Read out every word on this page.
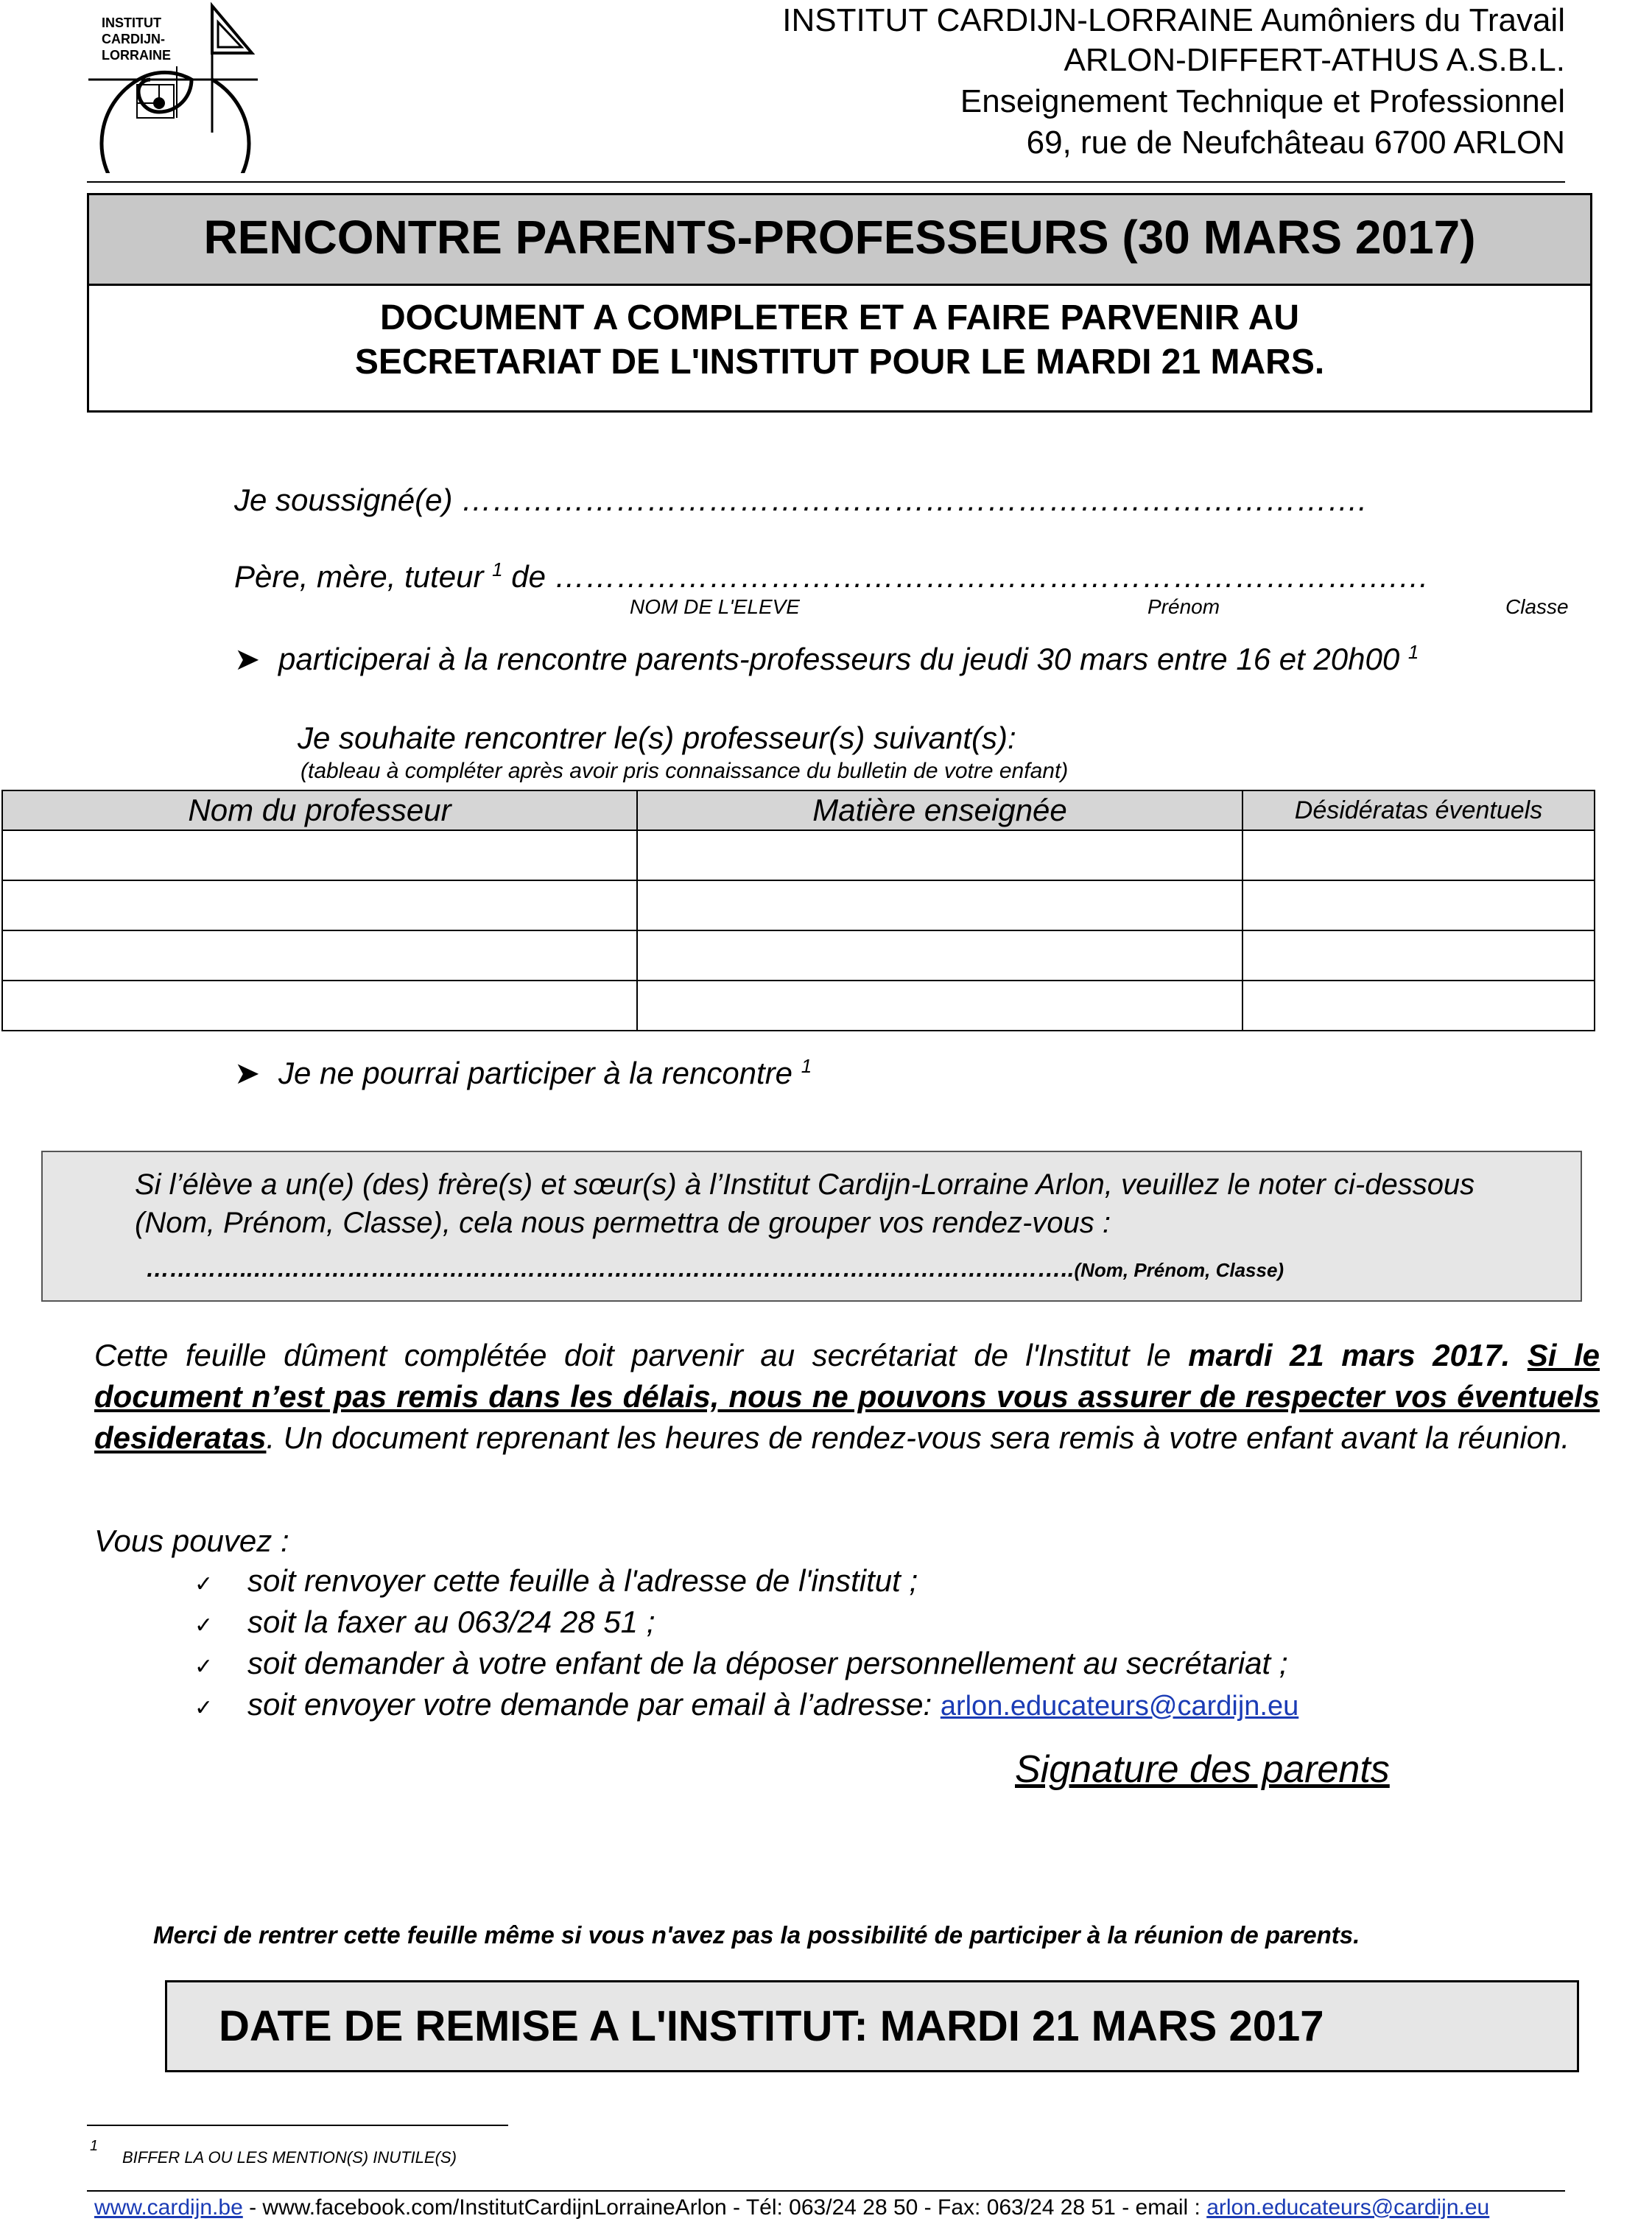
INSTITUT
CARDIJN-
LORRAINE
INSTITUT CARDIJN-LORRAINE Aumôniers du Travail
ARLON-DIFFERT-ATHUS A.S.B.L.
Enseignement Technique et Professionnel
69, rue de Neufchâteau 6700 ARLON
RENCONTRE PARENTS-PROFESSEURS (30 MARS 2017)
DOCUMENT A COMPLETER ET A FAIRE PARVENIR AU
SECRETARIAT DE L'INSTITUT POUR LE MARDI 21 MARS.
Je soussigné(e) …………………………………………………………………………….
Père, mère, tuteur $^1$ de ……………………………………………………………………….…
NOM DE L'ELEVE	Prénom	Classe
➤ participerai à la rencontre parents-professeurs du jeudi 30 mars entre 16 et 20h00 $^1$
Je souhaite rencontrer le(s) professeur(s) suivant(s):
(tableau à compléter après avoir pris connaissance du bulletin de votre enfant)
Nom du professeur	Matière enseignée	Désidératas éventuels

➤ Je ne pourrai participer à la rencontre $^1$
Si l’élève a un(e) (des) frère(s) et sœur(s) à l’Institut Cardijn-Lorraine Arlon, veuillez le noter ci-dessous
(Nom, Prénom, Classe), cela nous permettra de grouper vos rendez-vous :
…………..…………………………………………………………………………………….……..(Nom, Prénom, Classe)
Cette feuille dûment complétée doit parvenir au secrétariat de l'Institut le mardi 21 mars 2017. Si le document n’est pas remis dans les délais, nous ne pouvons vous assurer de respecter vos éventuels desideratas. Un document reprenant les heures de rendez-vous sera remis à votre enfant avant la réunion.
Vous pouvez :
✓ soit renvoyer cette feuille à l'adresse de l'institut ;
✓ soit la faxer au 063/24 28 51 ;
✓ soit demander à votre enfant de la déposer personnellement au secrétariat ;
✓ soit envoyer votre demande par email à l’adresse: arlon.educateurs@cardijn.eu
Signature des parents
Merci de rentrer cette feuille même si vous n'avez pas la possibilité de participer à la réunion de parents.
DATE DE REMISE A L'INSTITUT: MARDI 21 MARS 2017
1
BIFFER LA OU LES MENTION(S) INUTILE(S)
www.cardijn.be - www.facebook.com/InstitutCardijnLorraineArlon - Tél: 063/24 28 50 - Fax: 063/24 28 51 - email : arlon.educateurs@cardijn.eu
